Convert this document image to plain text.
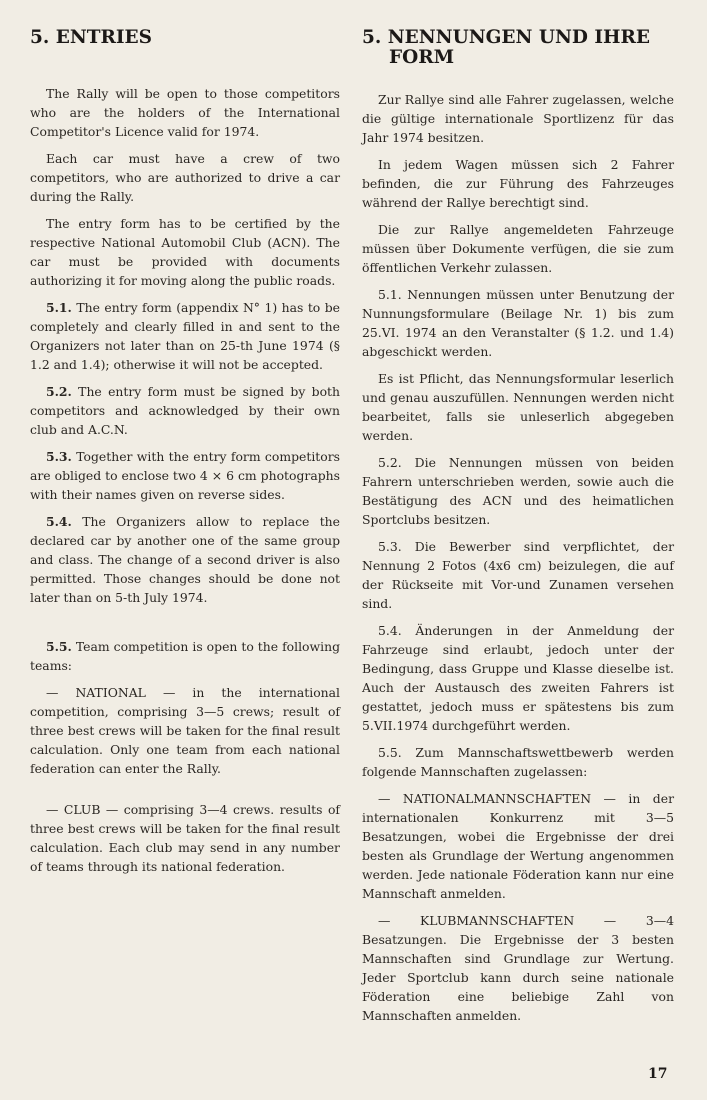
5. ENTRIES

The Rally will be open to those competitors who are the holders of the International Competitor's Licence valid for 1974.

Each car must have a crew of two competitors, who are authorized to drive a car during the Rally.

The entry form has to be certified by the respective National Automobil Club (ACN). The car must be provided with documents authorizing it for moving along the public roads.

5.1. The entry form (appendix N° 1) has to be completely and clearly filled in and sent to the Organizers not later than on 25-th June 1974 (§ 1.2 and 1.4); otherwise it will not be accepted.

5.2. The entry form must be signed by both competitors and acknowledged by their own club and A.C.N.

5.3. Together with the entry form competitors are obliged to enclose two 4 × 6 cm photographs with their names given on reverse sides.

5.4. The Organizers allow to replace the declared car by another one of the same group and class. The change of a second driver is also permitted. Those changes should be done not later than on 5-th July 1974.

5.5. Team competition is open to the following teams:

— NATIONAL — in the international competition, comprising 3—5 crews; result of three best crews will be taken for the final result calculation. Only one team from each national federation can enter the Rally.

— CLUB — comprising 3—4 crews. results of three best crews will be taken for the final result calculation. Each club may send in any number of teams through its national federation.

5. NENNUNGEN UND IHRE
FORM

Zur Rallye sind alle Fahrer zugelassen, welche die gültige internationale Sportlizenz für das Jahr 1974 besitzen.

In jedem Wagen müssen sich 2 Fahrer befinden, die zur Führung des Fahrzeuges während der Rallye berechtigt sind.

Die zur Rallye angemeldeten Fahrzeuge müssen über Dokumente verfügen, die sie zum öffentlichen Verkehr zulassen.

5.1. Nennungen müssen unter Benutzung der Nunnungsformulare (Beilage Nr. 1) bis zum 25.VI. 1974 an den Veranstalter (§ 1.2. und 1.4) abgeschickt werden.

Es ist Pflicht, das Nennungsformular leserlich und genau auszufüllen. Nennungen werden nicht bearbeitet, falls sie unleserlich abgegeben werden.

5.2. Die Nennungen müssen von beiden Fahrern unterschrieben werden, sowie auch die Bestätigung des ACN und des heimatlichen Sportclubs besitzen.

5.3. Die Bewerber sind verpflichtet, der Nennung 2 Fotos (4x6 cm) beizulegen, die auf der Rückseite mit Vor-und Zunamen versehen sind.

5.4. Änderungen in der Anmeldung der Fahrzeuge sind erlaubt, jedoch unter der Bedingung, dass Gruppe und Klasse dieselbe ist. Auch der Austausch des zweiten Fahrers ist gestattet, jedoch muss er spätestens bis zum 5.VII.1974 durchgeführt werden.

5.5. Zum Mannschaftswettbewerb werden folgende Mannschaften zugelassen:

— NATIONALMANNSCHAFTEN — in der internationalen Konkurrenz mit 3—5 Besatzungen, wobei die Ergebnisse der drei besten als Grundlage der Wertung angenommen werden. Jede nationale Föderation kann nur eine Mannschaft anmelden.

— KLUBMANNSCHAFTEN — 3—4 Besatzungen. Die Ergebnisse der 3 besten Mannschaften sind Grundlage zur Wertung. Jeder Sportclub kann durch seine nationale Föderation eine beliebige Zahl von Mannschaften anmelden.

17
